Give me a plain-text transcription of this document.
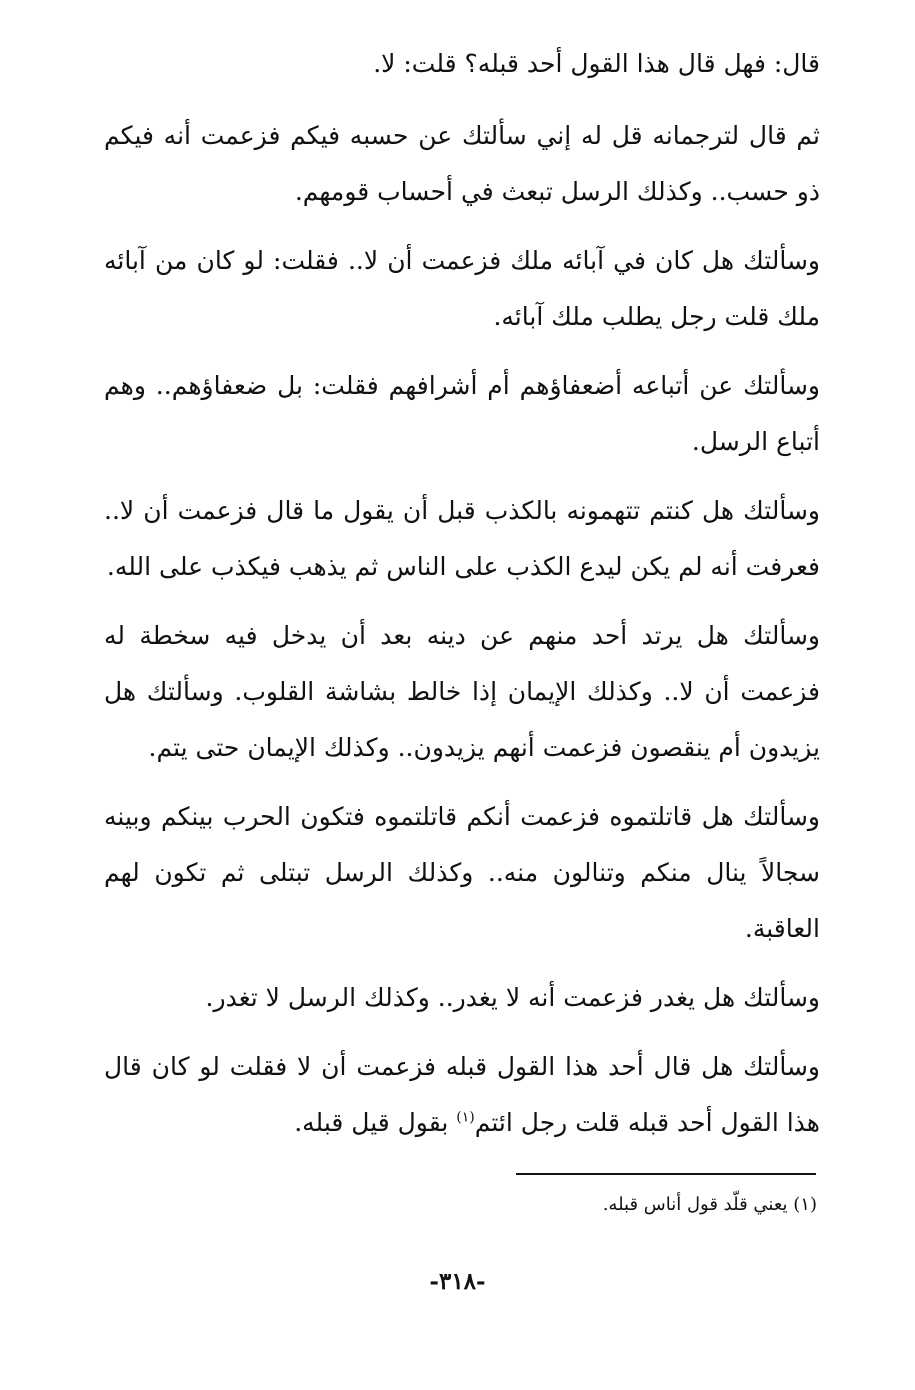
قال: فهل قال هذا القول أحد قبله؟ قلت: لا.

ثم قال لترجمانه قل له إني سألتك عن حسبه فيكم فزعمت أنه فيكم ذو حسب.. وكذلك الرسل تبعث في أحساب قومهم.

وسألتك هل كان في آبائه ملك فزعمت أن لا.. فقلت: لو كان من آبائه ملك قلت رجل يطلب ملك آبائه.

وسألتك عن أتباعه أضعفاؤهم أم أشرافهم فقلت: بل ضعفاؤهم.. وهم أتباع الرسل.

وسألتك هل كنتم تتهمونه بالكذب قبل أن يقول ما قال فزعمت أن لا.. فعرفت أنه لم يكن ليدع الكذب على الناس ثم يذهب فيكذب على الله.

وسألتك هل يرتد أحد منهم عن دينه بعد أن يدخل فيه سخطة له فزعمت أن لا.. وكذلك الإيمان إذا خالط بشاشة القلوب. وسألتك هل يزيدون أم ينقصون فزعمت أنهم يزيدون.. وكذلك الإيمان حتى يتم.

وسألتك هل قاتلتموه فزعمت أنكم قاتلتموه فتكون الحرب بينكم وبينه سجالاً ينال منكم وتنالون منه.. وكذلك الرسل تبتلى ثم تكون لهم العاقبة.

وسألتك هل يغدر فزعمت أنه لا يغدر.. وكذلك الرسل لا تغدر.

وسألتك هل قال أحد هذا القول قبله فزعمت أن لا فقلت لو كان قال هذا القول أحد قبله قلت رجل ائتم$^{(١)}$ بقول قيل قبله.

(١) يعني قلّد قول أناس قبله.
-٣١٨-
